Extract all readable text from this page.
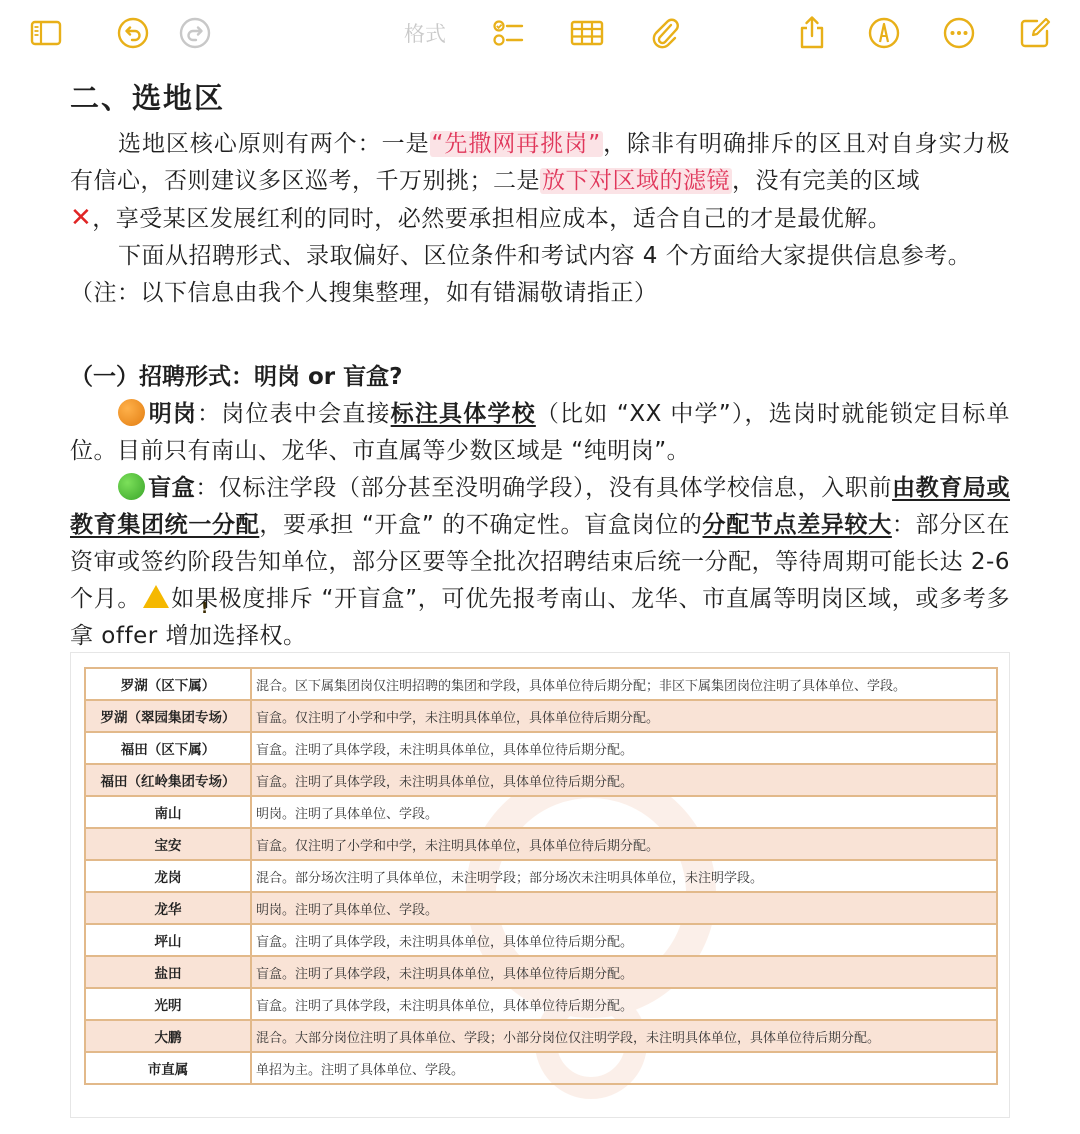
格式
二、选地区

选地区核心原则有两个：一是“先撒网再挑岗”，除非有明确排斥的区且对自身实力极有信心，否则建议多区巡考，千万别挑；二是放下对区域的滤镜，没有完美的区域
✕，享受某区发展红利的同时，必然要承担相应成本，适合自己的才是最优解。

下面从招聘形式、录取偏好、区位条件和考试内容 4 个方面给大家提供信息参考。

（注：以下信息由我个人搜集整理，如有错漏敬请指正）

（一）招聘形式：明岗 or 盲盒?

明岗：岗位表中会直接标注具体学校（比如 “XX 中学”），选岗时就能锁定目标单位。目前只有南山、龙华、市直属等少数区域是 “纯明岗”。

盲盒：仅标注学段（部分甚至没明确学段），没有具体学校信息，入职前由教育局或教育集团统一分配，要承担 “开盒” 的不确定性。盲盒岗位的分配节点差异较大：部分区在资审或签约阶段告知单位，部分区要等全批次招聘结束后统一分配，等待周期可能长达 2-6 个月。 ! 如果极度排斥 “开盲盒”，可优先报考南山、龙华、市直属等明岗区域，或多考多拿 offer 增加选择权。

罗湖（区下属）	混合。区下属集团岗仅注明招聘的集团和学段，具体单位待后期分配；非区下属集团岗位注明了具体单位、学段。
罗湖（翠园集团专场）	盲盒。仅注明了小学和中学，未注明具体单位，具体单位待后期分配。
福田（区下属）	盲盒。注明了具体学段，未注明具体单位，具体单位待后期分配。
福田（红岭集团专场）	盲盒。注明了具体学段，未注明具体单位，具体单位待后期分配。
南山	明岗。注明了具体单位、学段。
宝安	盲盒。仅注明了小学和中学，未注明具体单位，具体单位待后期分配。
龙岗	混合。部分场次注明了具体单位，未注明学段；部分场次未注明具体单位，未注明学段。
龙华	明岗。注明了具体单位、学段。
坪山	盲盒。注明了具体学段，未注明具体单位，具体单位待后期分配。
盐田	盲盒。注明了具体学段，未注明具体单位，具体单位待后期分配。
光明	盲盒。注明了具体学段，未注明具体单位，具体单位待后期分配。
大鹏	混合。大部分岗位注明了具体单位、学段；小部分岗位仅注明学段，未注明具体单位，具体单位待后期分配。
市直属	单招为主。注明了具体单位、学段。
